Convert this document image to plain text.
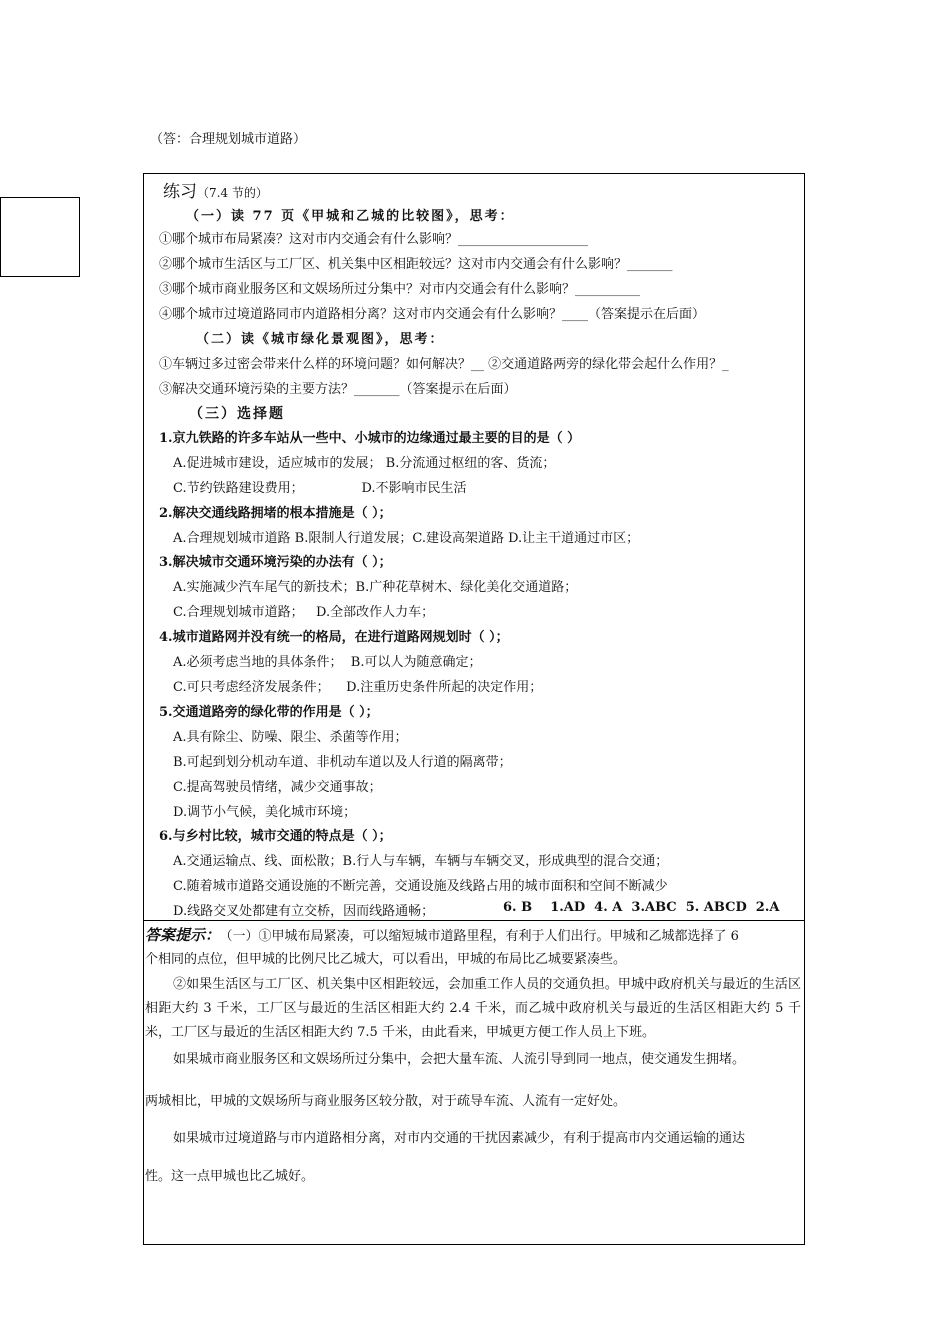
（答：合理规划城市道路）
练习（7.4 节的）
（一）读 77 页《甲城和乙城的比较图》，思考：
①哪个城市布局紧凑？这对市内交通会有什么影响？____________________
②哪个城市生活区与工厂区、机关集中区相距较远？这对市内交通会有什么影响？_______
③哪个城市商业服务区和文娱场所过分集中？对市内交通会有什么影响？__________
④哪个城市过境道路同市内道路相分离？这对市内交通会有什么影响？____（答案提示在后面）
（二）读《城市绿化景观图》，思考：
①车辆过多过密会带来什么样的环境问题？如何解决？__ ②交通道路两旁的绿化带会起什么作用？_
③解决交通环境污染的主要方法？_______（答案提示在后面）
（三）选择题
1.京九铁路的许多车站从一些中、小城市的边缘通过最主要的目的是（ ）
A.促进城市建设，适应城市的发展； B.分流通过枢纽的客、货流；
C.节约铁路建设费用；              D.不影响市民生活
2.解决交通线路拥堵的根本措施是（ ）；
A.合理规划城市道路 B.限制人行道发展；C.建设高架道路 D.让主干道通过市区；
3.解决城市交通环境污染的办法有（ ）；
A.实施减少汽车尾气的新技术；B.广种花草树木、绿化美化交通道路；
C.合理规划城市道路；   D.全部改作人力车；
4.城市道路网并没有统一的格局，在进行道路网规划时（ ）；
A.必须考虑当地的具体条件；  B.可以人为随意确定；
C.可只考虑经济发展条件；    D.注重历史条件所起的决定作用；
5.交通道路旁的绿化带的作用是（ ）；
A.具有除尘、防噪、限尘、杀菌等作用；
B.可起到划分机动车道、非机动车道以及人行道的隔离带；
C.提高驾驶员情绪，减少交通事故；
D.调节小气候，美化城市环境；
6.与乡村比较，城市交通的特点是（ ）；
A.交通运输点、线、面松散；B.行人与车辆，车辆与车辆交叉，形成典型的混合交通；
C.随着城市道路交通设施的不断完善，交通设施及线路占用的城市面积和空间不断减少
D.线路交叉处都建有立交桥，因而线路通畅；	6. B    1.AD  4. A  3.ABC  5. ABCD  2.A
答案提示： （一）①甲城布局紧凑，可以缩短城市道路里程，有利于人们出行。甲城和乙城都选择了 6
个相同的点位，但甲城的比例尺比乙城大，可以看出，甲城的布局比乙城要紧凑些。
②如果生活区与工厂区、机关集中区相距较远，会加重工作人员的交通负担。甲城中政府机关与最近的生活区相距大约 3 千米，工厂区与最近的生活区相距大约 2.4 千米，而乙城中政府机关与最近的生活区相距大约 5 千米，工厂区与最近的生活区相距大约 7.5 千米，由此看来，甲城更方便工作人员上下班。
如果城市商业服务区和文娱场所过分集中，会把大量车流、人流引导到同一地点，使交通发生拥堵。
两城相比，甲城的文娱场所与商业服务区较分散，对于疏导车流、人流有一定好处。
如果城市过境道路与市内道路相分离，对市内交通的干扰因素减少，有利于提高市内交通运输的通达
性。这一点甲城也比乙城好。
